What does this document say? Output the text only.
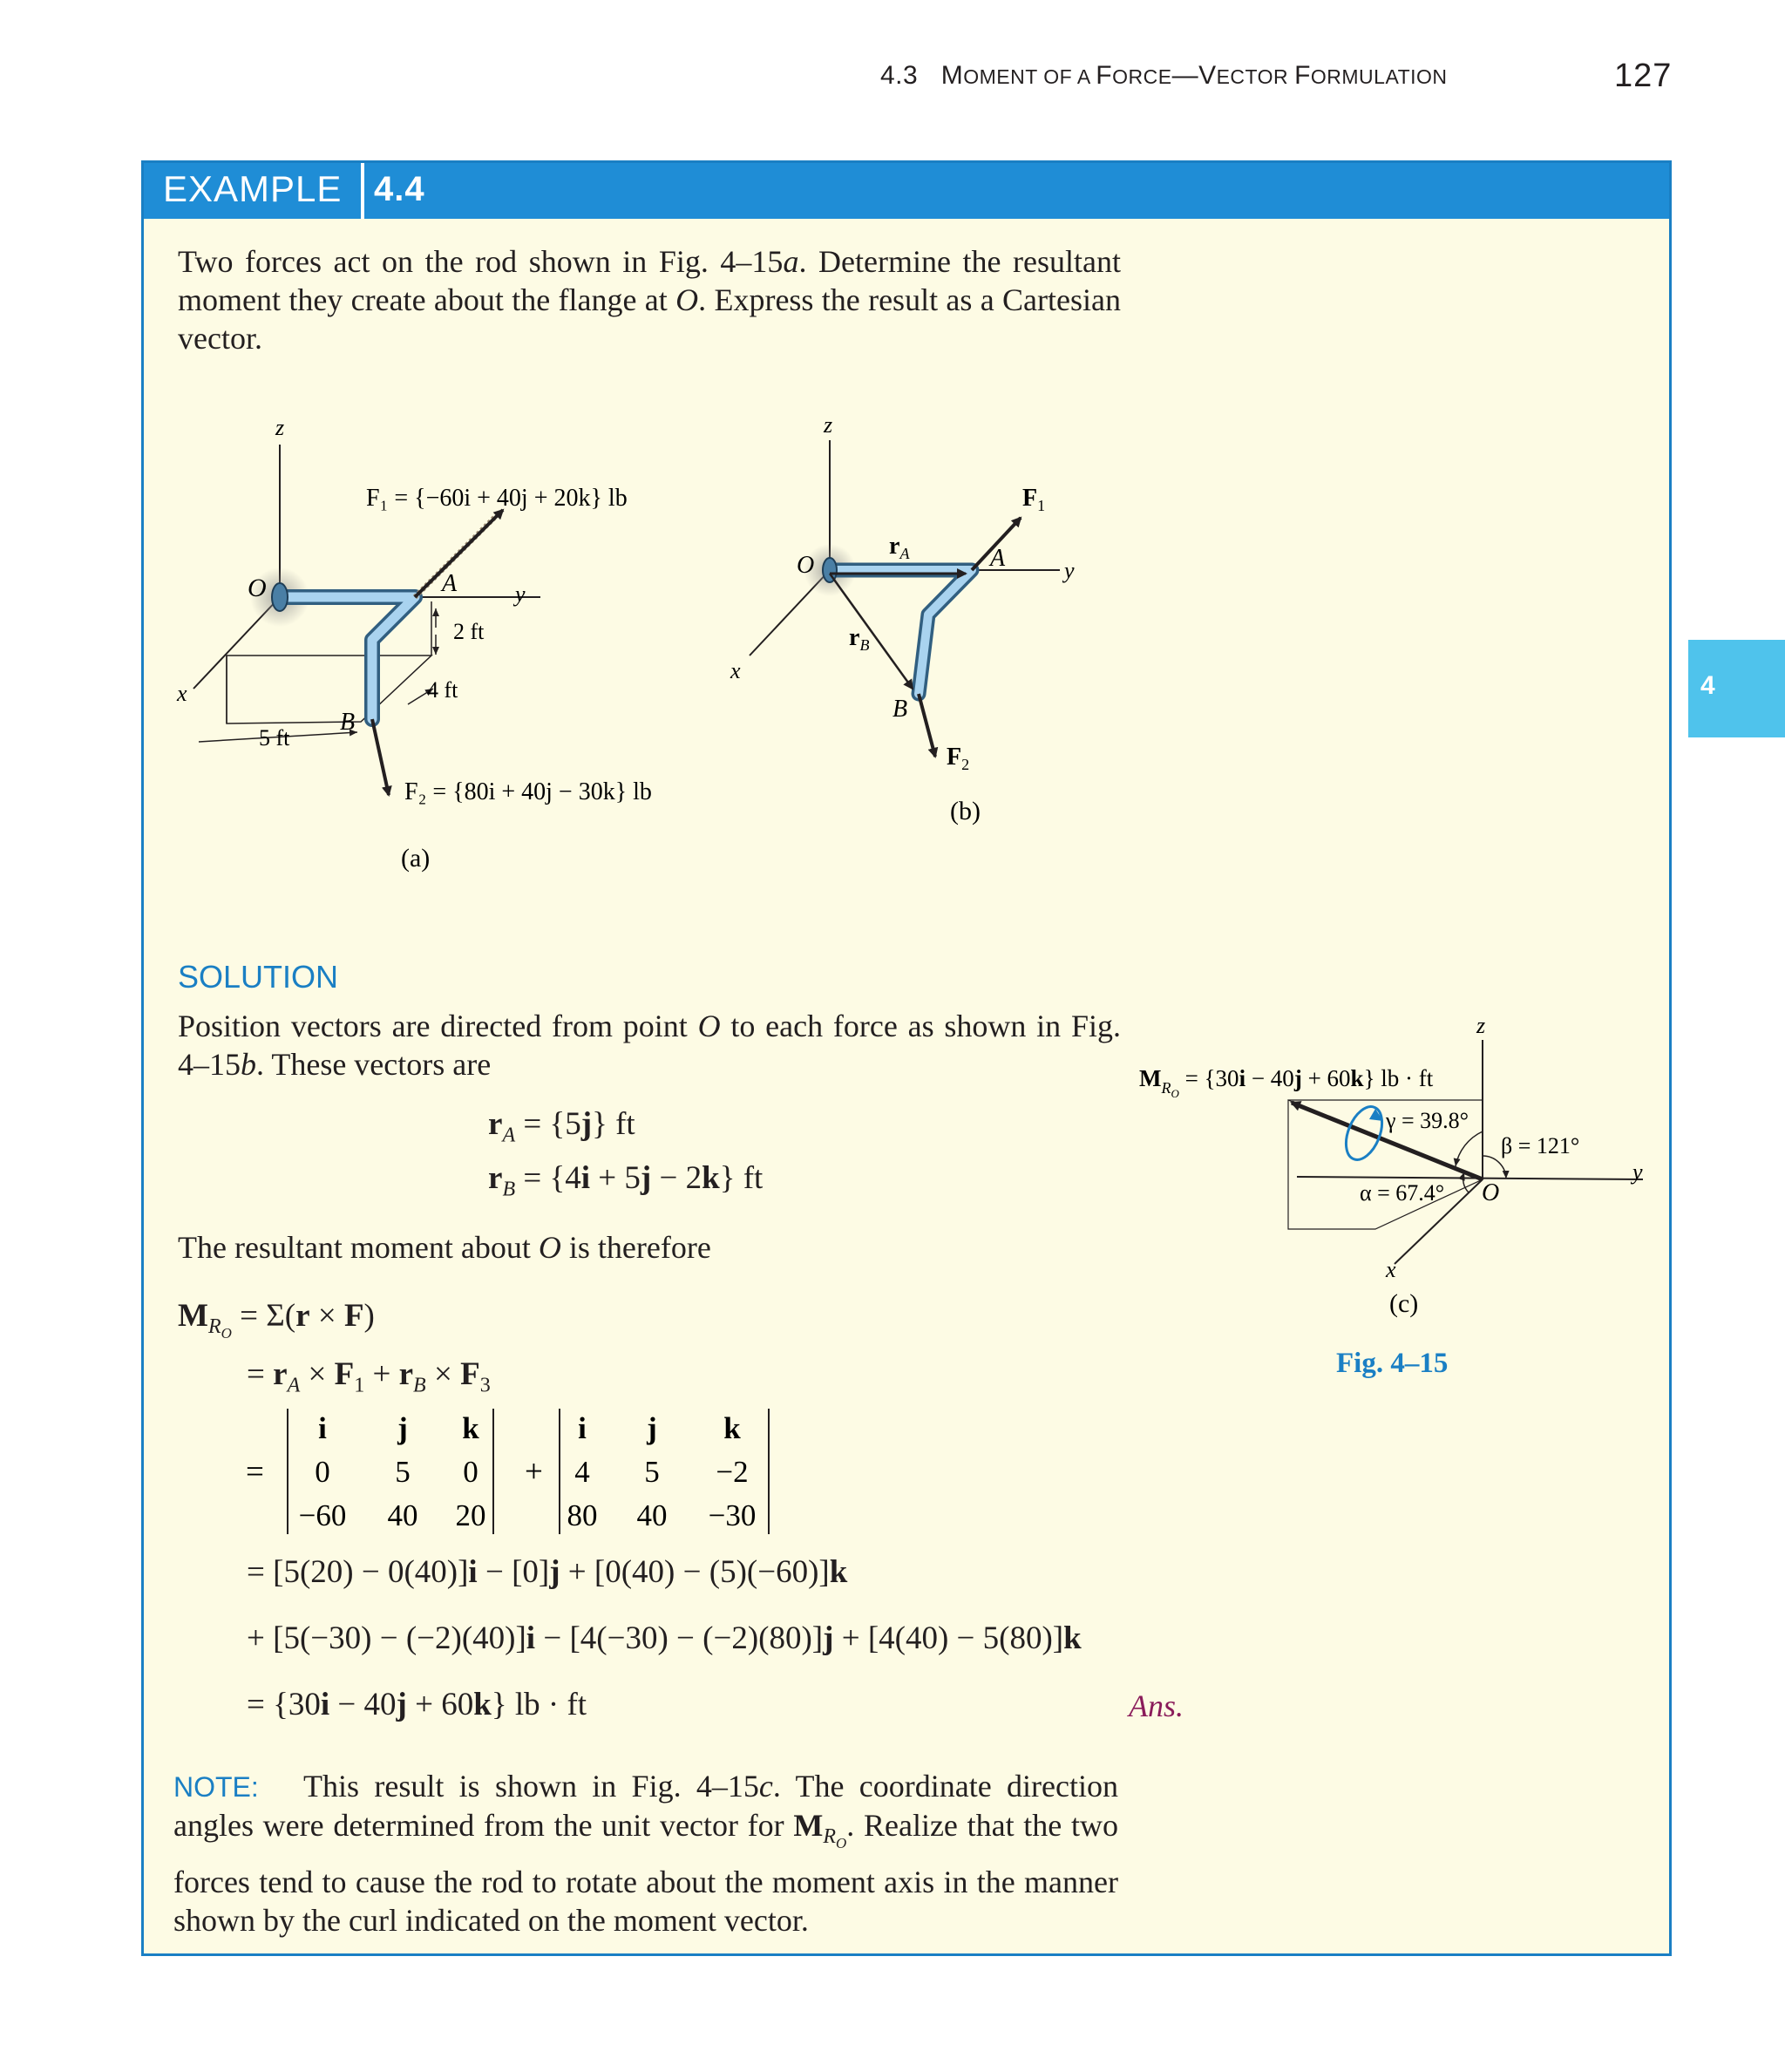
4.3 MOMENT OF A FORCE—VECTOR FORMULATION	127
4
EXAMPLE 4.4
Two forces act on the rod shown in Fig. 4–15a. Determine the resultant moment they create about the flange at O. Express the result as a Cartesian vector.
z
x
y
O	A
B
2 ft
4 ft
5 ft
F₁ = {−60i + 40j + 20k} lb
F₂ = {80i + 40j − 30k} lb
(a)
z
x
y
O	A
B
$r_A$
$r_B$
$F_1$
$F_2$
(b)
z
x
y
O
$M_RO = \{30i - 40j + 60k\}$ lb · ft
γ = 39.8°
β = 121°
α = 67.4°
(c)
Fig. 4–15
SOLUTION
Position vectors are directed from point O to each force as shown in Fig. 4–15b. These vectors are
$r_A = \{5j\}$ ft
$r_B = \{4i + 5j - 2k\}$ ft
The resultant moment about O is therefore
$M_{R_O} = \Sigma(r \times F)$
= $r_A \times F_1 + r_B \times F_3$
=	+
i j k
0 5 0
−60 40 20
i j k
4 5 −2
80 40 −30
= [5(20) − 0(40)]i − [0]j + [0(40) − (5)(−60)]k
+ [5(−30) − (−2)(40)]i − [4(−30) − (−2)(80)]j + [4(40) − 5(80)]k
= {30i − 40j + 60k} lb · ft	Ans.
NOTE:   This result is shown in Fig. 4–15c. The coordinate direction angles were determined from the unit vector for $M_{R_O}$. Realize that the two forces tend to cause the rod to rotate about the moment axis in the manner shown by the curl indicated on the moment vector.
